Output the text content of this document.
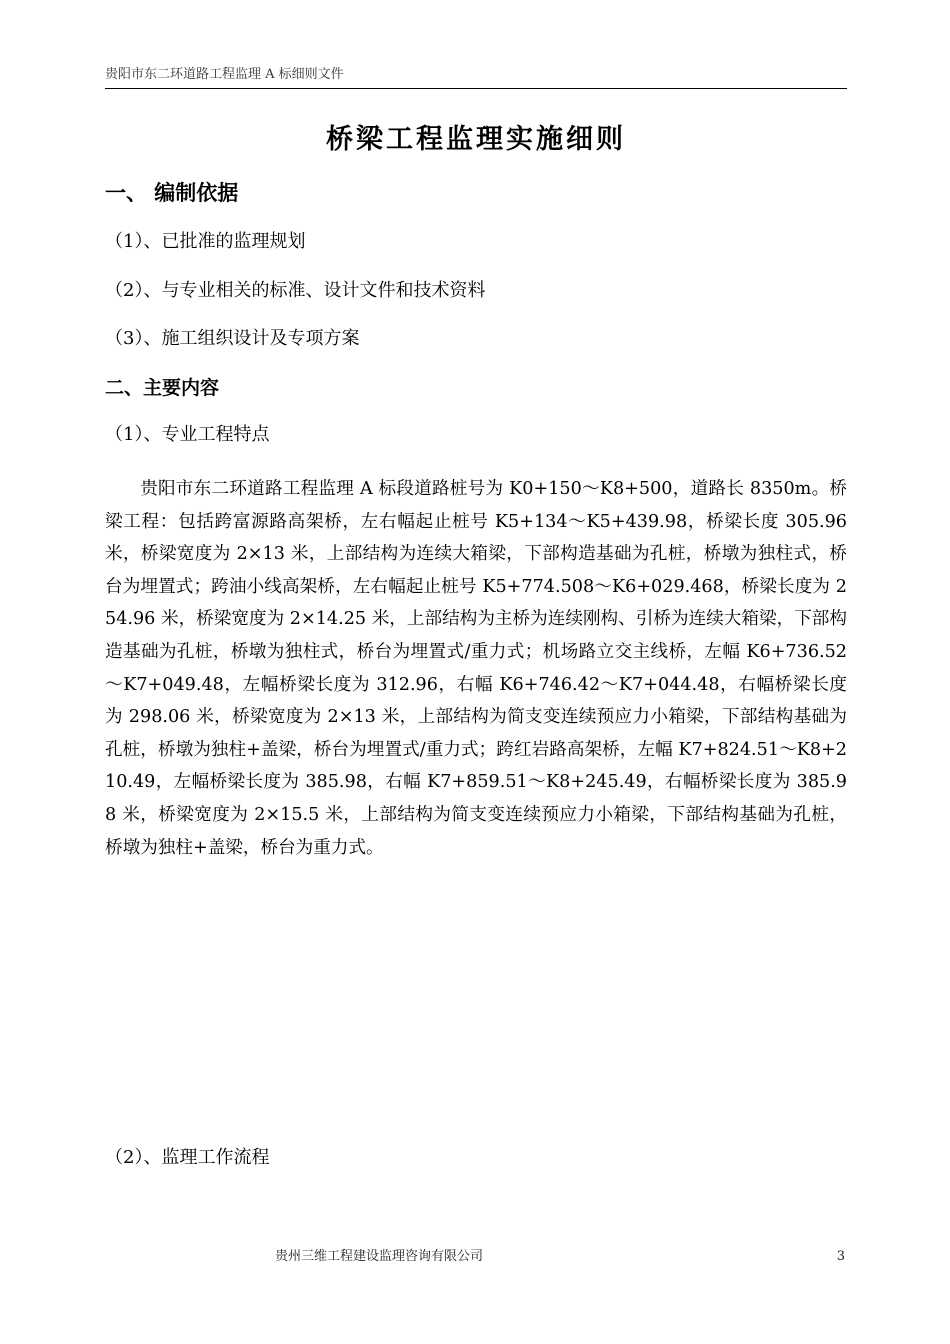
贵阳市东二环道路工程监理 A 标细则文件
桥梁工程监理实施细则
一、 编制依据

（1）、已批准的监理规划

（2）、与专业相关的标准、设计文件和技术资料

（3）、施工组织设计及专项方案

二、主要内容

（1）、专业工程特点

贵阳市东二环道路工程监理 A 标段道路桩号为 K0+150～K8+500，道路长 8350m。桥梁工程：包括跨富源路高架桥，左右幅起止桩号 K5+134～K5+439.98，桥梁长度 305.96 米，桥梁宽度为 2×13 米，上部结构为连续大箱梁，下部构造基础为孔桩，桥墩为独柱式，桥台为埋置式；跨油小线高架桥，左右幅起止桩号 K5+774.508～K6+029.468，桥梁长度为 254.96 米，桥梁宽度为 2×14.25 米，上部结构为主桥为连续刚构、引桥为连续大箱梁，下部构造基础为孔桩，桥墩为独柱式，桥台为埋置式/重力式；机场路立交主线桥，左幅 K6+736.52～K7+049.48，左幅桥梁长度为 312.96，右幅 K6+746.42～K7+044.48，右幅桥梁长度为 298.06 米，桥梁宽度为 2×13 米，上部结构为简支变连续预应力小箱梁，下部结构基础为孔桩，桥墩为独柱+盖梁，桥台为埋置式/重力式；跨红岩路高架桥，左幅 K7+824.51～K8+210.49，左幅桥梁长度为 385.98，右幅 K7+859.51～K8+245.49，右幅桥梁长度为 385.98 米，桥梁宽度为 2×15.5 米，上部结构为简支变连续预应力小箱梁，下部结构基础为孔桩，桥墩为独柱+盖梁，桥台为重力式。

（2）、监理工作流程

贵州三维工程建设监理咨询有限公司	3
